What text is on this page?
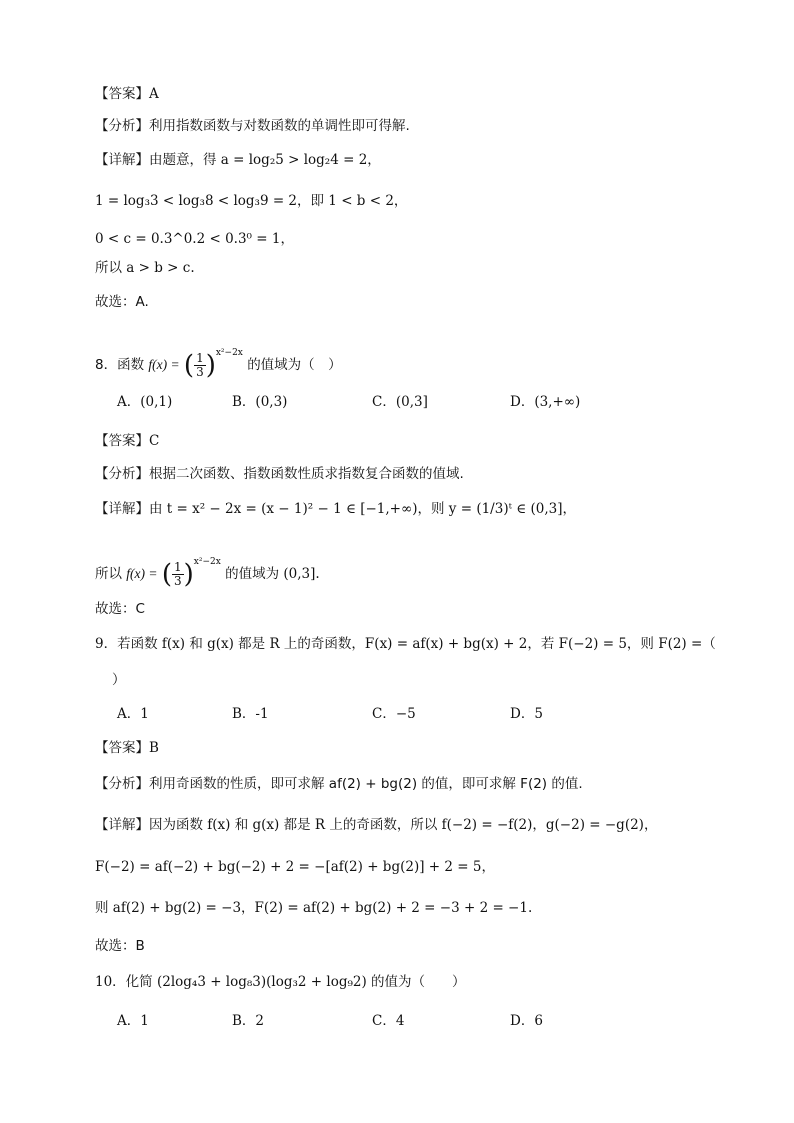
【答案】A
【分析】利用指数函数与对数函数的单调性即可得解.
【详解】由题意，得 a = log₂5 > log₂4 = 2，
1 = log₃3 < log₃8 < log₃9 = 2，即 1 < b < 2，
0 < c = 0.3^0.2 < 0.3⁰ = 1，
所以 a > b > c.
故选：A.
8．函数 f(x) = ( $\frac{1}{3} )^{x^2-2x}$ 的值域为（　）
A．(0,1)	B．(0,3)	C．(0,3]	D．(3,+∞)
【答案】C
【分析】根据二次函数、指数函数性质求指数复合函数的值域.
【详解】由 t = x² − 2x = (x − 1)² − 1 ∈ [−1,+∞)，则 y = (1/3)ᵗ ∈ (0,3]，
所以 f(x) = ( $\frac{1}{3} )^{x^2-2x}$ 的值域为 (0,3].
故选：C
9．若函数 f(x) 和 g(x) 都是 R 上的奇函数，F(x) = af(x) + bg(x) + 2，若 F(−2) = 5，则 F(2) =（
）
A．1	B．-1	C．−5	D．5
【答案】B
【分析】利用奇函数的性质，即可求解 af(2) + bg(2) 的值，即可求解 F(2) 的值.
【详解】因为函数 f(x) 和 g(x) 都是 R 上的奇函数，所以 f(−2) = −f(2)，g(−2) = −g(2)，
F(−2) = af(−2) + bg(−2) + 2 = −[af(2) + bg(2)] + 2 = 5，
则 af(2) + bg(2) = −3，F(2) = af(2) + bg(2) + 2 = −3 + 2 = −1.
故选：B
10．化简 (2log₄3 + log₈3)(log₃2 + log₉2) 的值为（　　）
A．1	B．2	C．4	D．6
